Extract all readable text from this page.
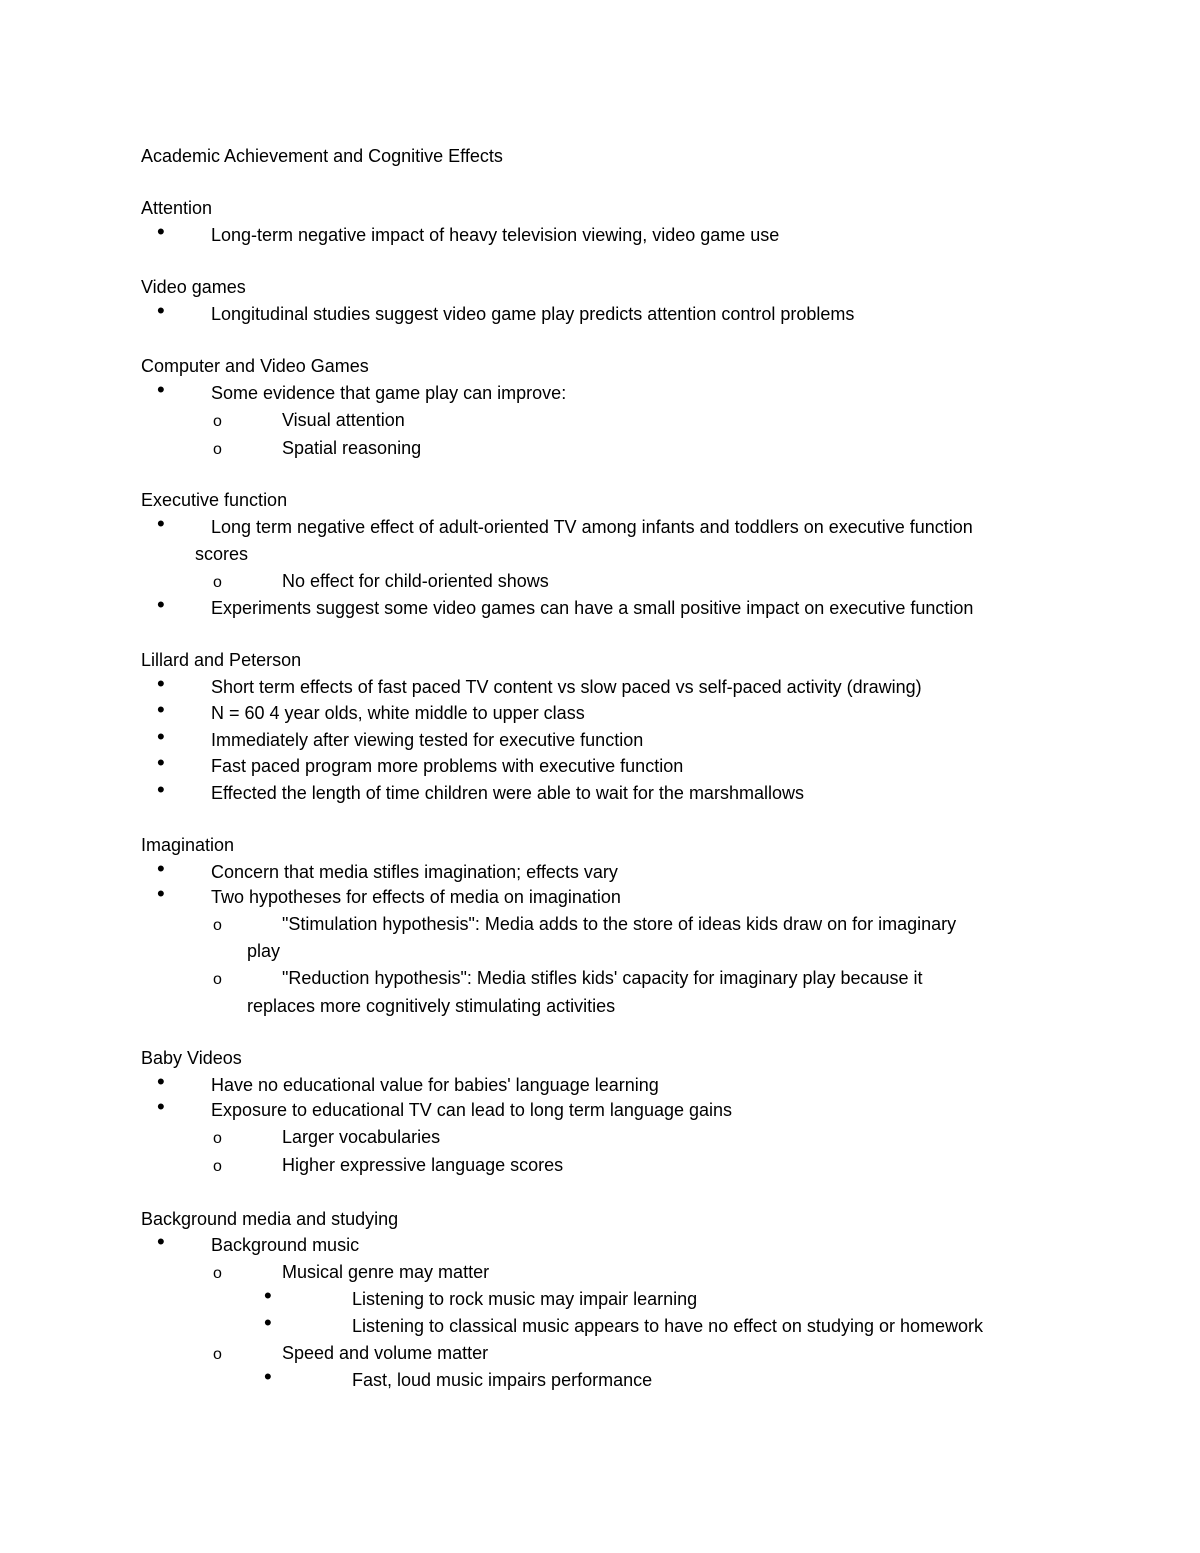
Academic Achievement and Cognitive Effects
Attention
•
Long-term negative impact of heavy television viewing, video game use
Video games
•
Longitudinal studies suggest video game play predicts attention control problems
Computer and Video Games
•
Some evidence that game play can improve:
o
Visual attention
o
Spatial reasoning
Executive function
•
Long term negative effect of adult-oriented TV among infants and toddlers on executive function
scores
o
No effect for child-oriented shows
•
Experiments suggest some video games can have a small positive impact on executive function
Lillard and Peterson
•
Short term effects of fast paced TV content vs slow paced vs self-paced activity (drawing)
•
N = 60 4 year olds, white middle to upper class
•
Immediately after viewing tested for executive function
•
Fast paced program more problems with executive function
•
Effected the length of time children were able to wait for the marshmallows
Imagination
•
Concern that media stifles imagination; effects vary
•
Two hypotheses for effects of media on imagination
o
"Stimulation hypothesis": Media adds to the store of ideas kids draw on for imaginary
play
o
"Reduction hypothesis": Media stifles kids' capacity for imaginary play because it
replaces more cognitively stimulating activities
Baby Videos
•
Have no educational value for babies' language learning
•
Exposure to educational TV can lead to long term language gains
o
Larger vocabularies
o
Higher expressive language scores
Background media and studying
•
Background music
o
Musical genre may matter
•
Listening to rock music may impair learning
•
Listening to classical music appears to have no effect on studying or homework
o
Speed and volume matter
•
Fast, loud music impairs performance
